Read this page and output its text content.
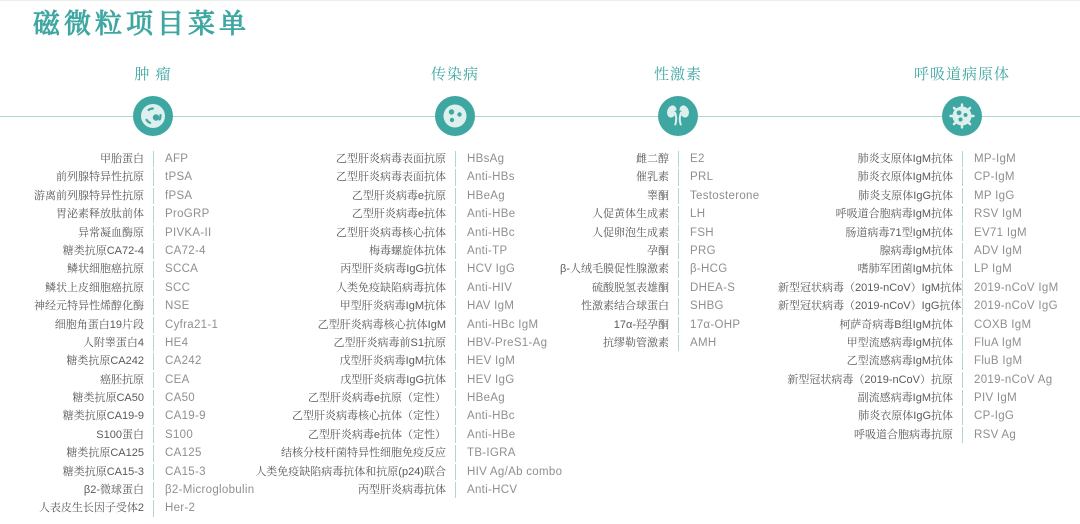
磁微粒项目菜单
肿 瘤
甲胎蛋白	AFP
前列腺特异性抗原	tPSA
游离前列腺特异性抗原	fPSA
胃泌素释放肽前体	ProGRP
异常凝血酶原	PIVKA-II
糖类抗原CA72-4	CA72-4
鳞状细胞癌抗原	SCCA
鳞状上皮细胞癌抗原	SCC
神经元特异性烯醇化酶	NSE
细胞角蛋白19片段	Cyfra21-1
人附睾蛋白4	HE4
糖类抗原CA242	CA242
癌胚抗原	CEA
糖类抗原CA50	CA50
糖类抗原CA19-9	CA19-9
S100蛋白	S100
糖类抗原CA125	CA125
糖类抗原CA15-3	CA15-3
β2-微球蛋白	β2-Microglobulin
人表皮生长因子受体2	Her-2
传染病
乙型肝炎病毒表面抗原	HBsAg
乙型肝炎病毒表面抗体	Anti-HBs
乙型肝炎病毒e抗原	HBeAg
乙型肝炎病毒e抗体	Anti-HBe
乙型肝炎病毒核心抗体	Anti-HBc
梅毒螺旋体抗体	Anti-TP
丙型肝炎病毒IgG抗体	HCV IgG
人类免疫缺陷病毒抗体	Anti-HIV
甲型肝炎病毒IgM抗体	HAV IgM
乙型肝炎病毒核心抗体IgM	Anti-HBc IgM
乙型肝炎病毒前S1抗原	HBV-PreS1-Ag
戊型肝炎病毒IgM抗体	HEV IgM
戊型肝炎病毒IgG抗体	HEV IgG
乙型肝炎病毒e抗原（定性）	HBeAg
乙型肝炎病毒核心抗体（定性）	Anti-HBc
乙型肝炎病毒e抗体（定性）	Anti-HBe
结核分枝杆菌特异性细胞免疫反应	TB-IGRA
人类免疫缺陷病毒抗体和抗原(p24)联合	HIV Ag/Ab combo
丙型肝炎病毒抗体	Anti-HCV
性激素
雌二醇	E2
催乳素	PRL
睾酮	Testosterone
人促黄体生成素	LH
人促卵泡生成素	FSH
孕酮	PRG
β-人绒毛膜促性腺激素	β-HCG
硫酸脱氢表雄酮	DHEA-S
性激素结合球蛋白	SHBG
17α-羟孕酮	17α-OHP
抗缪勒管激素	AMH
呼吸道病原体
肺炎支原体IgM抗体	MP-IgM
肺炎衣原体IgM抗体	CP-IgM
肺炎支原体IgG抗体	MP IgG
呼吸道合胞病毒IgM抗体	RSV IgM
肠道病毒71型IgM抗体	EV71 IgM
腺病毒IgM抗体	ADV IgM
嗜肺军团菌IgM抗体	LP IgM
新型冠状病毒（2019-nCoV）IgM抗体	2019-nCoV IgM
新型冠状病毒（2019-nCoV）IgG抗体	2019-nCoV IgG
柯萨奇病毒B组IgM抗体	COXB IgM
甲型流感病毒IgM抗体	FluA IgM
乙型流感病毒IgM抗体	FluB IgM
新型冠状病毒（2019-nCoV）抗原	2019-nCoV Ag
副流感病毒IgM抗体	PIV IgM
肺炎衣原体IgG抗体	CP-IgG
呼吸道合胞病毒抗原	RSV Ag
